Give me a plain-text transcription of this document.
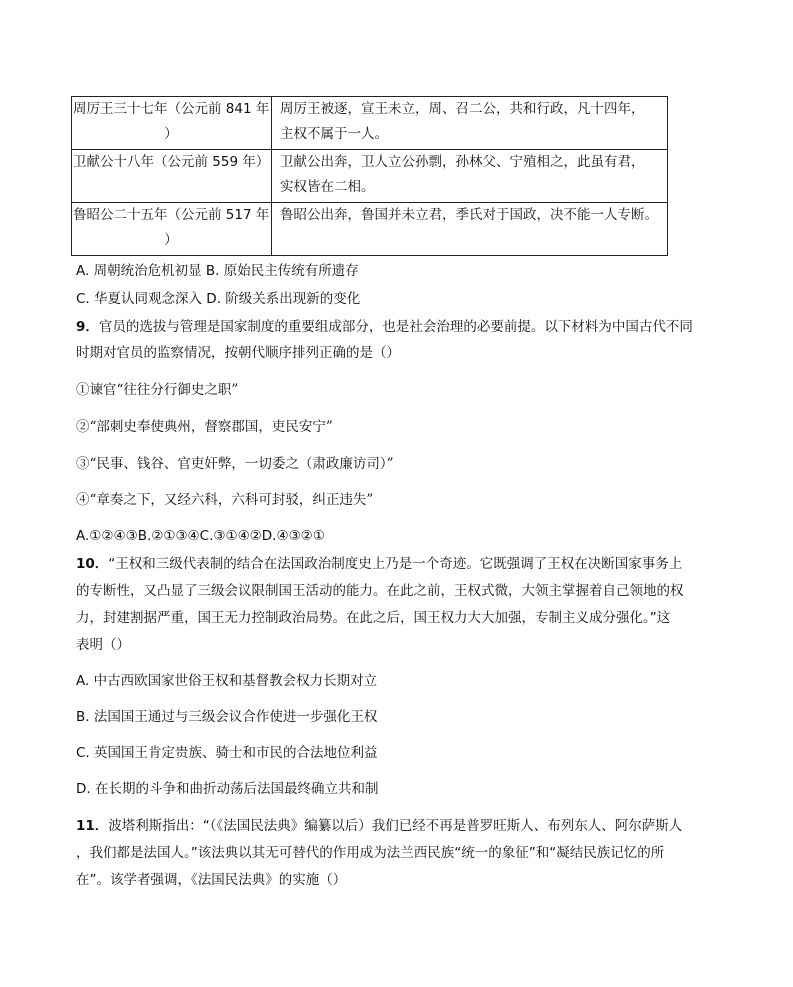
周厉王三十七年（公元前 841 年
）	周厉王被逐，宣王未立，周、召二公，共和行政，凡十四年，
主权不属于一人。

卫献公十八年（公元前 559 年）	卫献公出奔，卫人立公孙剽，孙林父、宁殖相之，此虽有君，
实权皆在二相。

鲁昭公二十五年（公元前 517 年
）	鲁昭公出奔，鲁国并未立君，季氏对于国政，决不能一人专断。
A. 周朝统治危机初显 B. 原始民主传统有所遗存
C. 华夏认同观念深入 D. 阶级关系出现新的变化
9．官员的选拔与管理是国家制度的重要组成部分，也是社会治理的必要前提。以下材料为中国古代不同
时期对官员的监察情况，按朝代顺序排列正确的是（）
①谏官“往往分行御史之职”
②“部刺史奉使典州，督察郡国，吏民安宁”
③“民事、钱谷、官吏奸弊，一切委之（肃政廉访司）”
④“章奏之下，又经六科，六科可封驳，纠正违失”
A.①②④③B.②①③④C.③①④②D.④③②①
10．“王权和三级代表制的结合在法国政治制度史上乃是一个奇迹。它既强调了王权在决断国家事务上
的专断性，又凸显了三级会议限制国王活动的能力。在此之前，王权式微，大领主掌握着自己领地的权
力，封建割据严重，国王无力控制政治局势。在此之后，国王权力大大加强，专制主义成分强化。”这
表明（）
A. 中古西欧国家世俗王权和基督教会权力长期对立
B. 法国国王通过与三级会议合作使进一步强化王权
C. 英国国王肯定贵族、骑士和市民的合法地位利益
D. 在长期的斗争和曲折动荡后法国最终确立共和制
11．波塔利斯指出：“（《法国民法典》编纂以后）我们已经不再是普罗旺斯人、布列东人、阿尔萨斯人
，我们都是法国人。”该法典以其无可替代的作用成为法兰西民族“统一的象征”和“凝结民族记忆的所
在”。该学者强调，《法国民法典》的实施（）
